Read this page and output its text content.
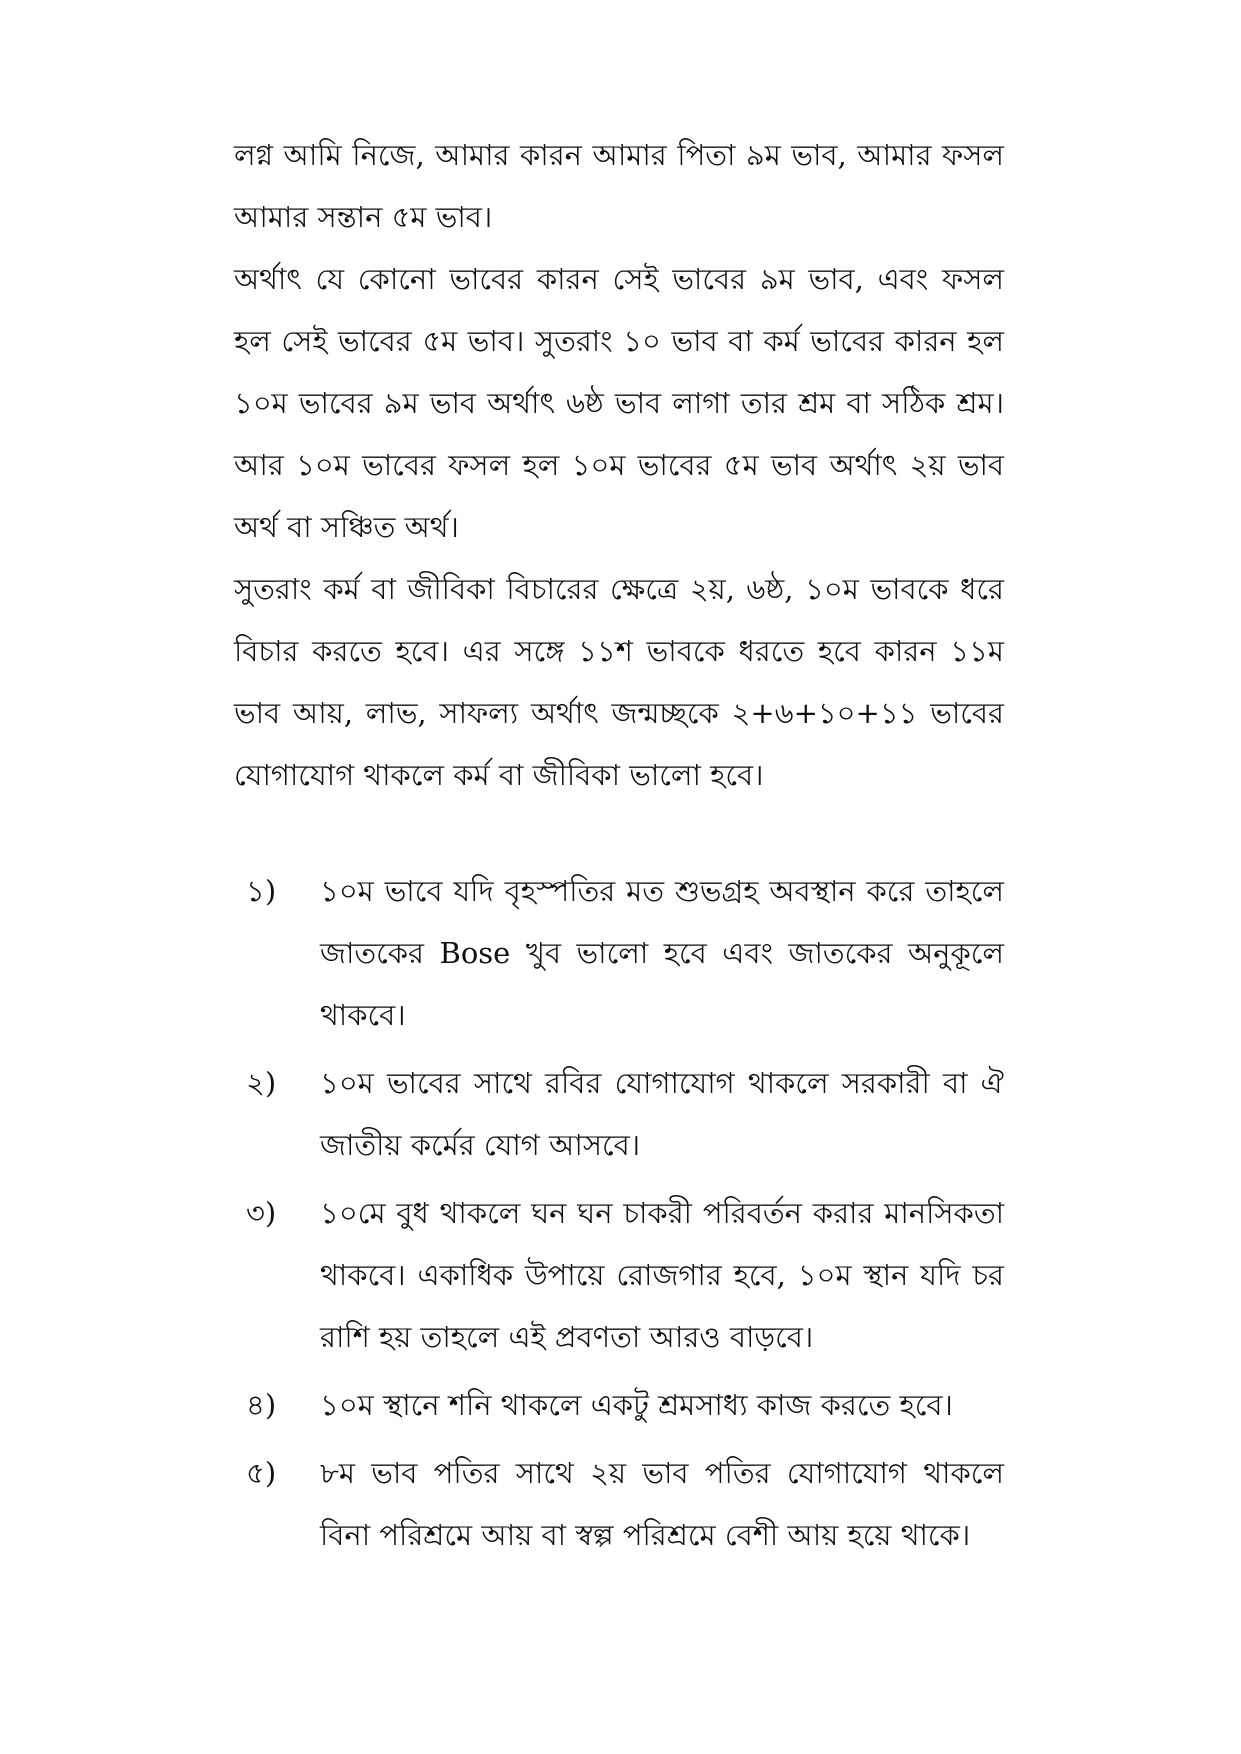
লগ্ন আমি নিজে, আমার কারন আমার পিতা ৯ম ভাব, আমার ফসল আমার সন্তান ৫ম ভাব।

অর্থাৎ যে কোনো ভাবের কারন সেই ভাবের ৯ম ভাব, এবং ফসল হল সেই ভাবের ৫ম ভাব। সুতরাং ১০ ভাব বা কর্ম ভাবের কারন হল ১০ম ভাবের ৯ম ভাব অর্থাৎ ৬ষ্ঠ ভাব লাগা তার শ্রম বা সঠিক শ্রম। আর ১০ম ভাবের ফসল হল ১০ম ভাবের ৫ম ভাব অর্থাৎ ২য় ভাব অর্থ বা সঞ্চিত অর্থ।

সুতরাং কর্ম বা জীবিকা বিচারের ক্ষেত্রে ২য়, ৬ষ্ঠ, ১০ম ভাবকে ধরে বিচার করতে হবে। এর সঙ্গে ১১শ ভাবকে ধরতে হবে কারন ১১ম ভাব আয়, লাভ, সাফল্য অর্থাৎ জন্মচ্ছকে ২+৬+১০+১১ ভাবের যোগাযোগ থাকলে কর্ম বা জীবিকা ভালো হবে।

১)	১০ম ভাবে যদি বৃহস্পতির মত শুভগ্রহ অবস্থান করে তাহলে জাতকের Bose খুব ভালো হবে এবং জাতকের অনুকূলে থাকবে।
২)	১০ম ভাবের সাথে রবির যোগাযোগ থাকলে সরকারী বা ঐ জাতীয় কর্মের যোগ আসবে।
৩)	১০মে বুধ থাকলে ঘন ঘন চাকরী পরিবর্তন করার মানসিকতা থাকবে। একাধিক উপায়ে রোজগার হবে, ১০ম স্থান যদি চর রাশি হয় তাহলে এই প্রবণতা আরও বাড়বে।
৪)	১০ম স্থানে শনি থাকলে একটু শ্রমসাধ্য কাজ করতে হবে।
৫)	৮ম ভাব পতির সাথে ২য় ভাব পতির যোগাযোগ থাকলে বিনা পরিশ্রমে আয় বা স্বল্প পরিশ্রমে বেশী আয় হয়ে থাকে।
